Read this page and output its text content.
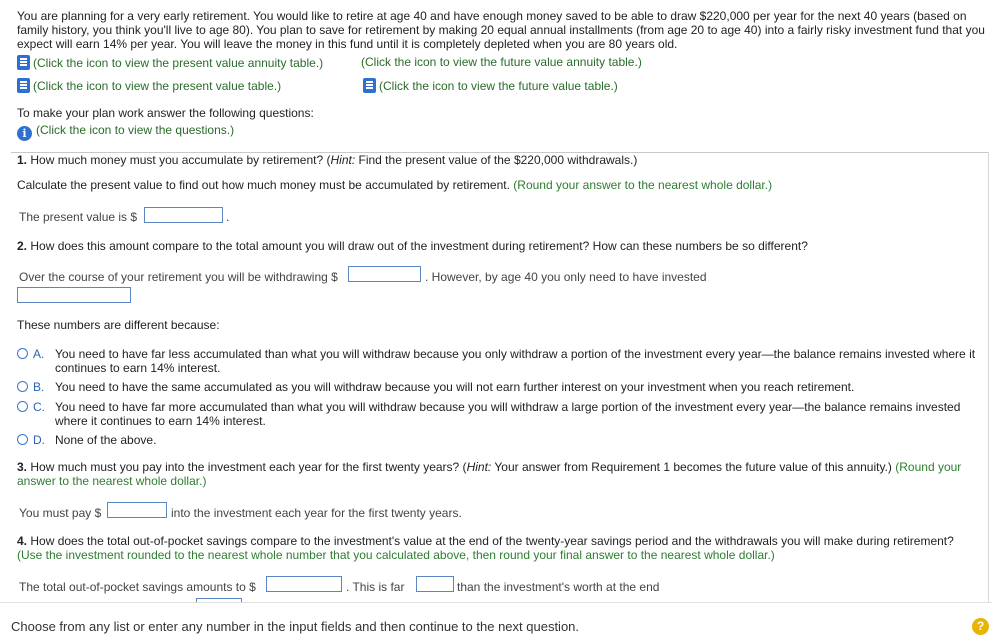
You are planning for a very early retirement. You would like to retire at age 40 and have enough money saved to be able to draw $220,000 per year for the next 40 years (based on family history, you think you'll live to age 80). You plan to save for retirement by making 20 equal annual installments (from age 20 to age 40) into a fairly risky investment fund that you expect will earn 14% per year. You will leave the money in this fund until it is completely depleted when you are 80 years old.
(Click the icon to view the present value annuity table.)	(Click the icon to view the future value annuity table.)
(Click the icon to view the present value table.)	(Click the icon to view the future value table.)
To make your plan work answer the following questions:
i (Click the icon to view the questions.)
1. How much money must you accumulate by retirement? (Hint: Find the present value of the $220,000 withdrawals.)
Calculate the present value to find out how much money must be accumulated by retirement. (Round your answer to the nearest whole dollar.)
The present value is $	.
2. How does this amount compare to the total amount you will draw out of the investment during retirement? How can these numbers be so different?
Over the course of your retirement you will be withdrawing $	. However, by age 40 you only need to have invested
These numbers are different because:
A. You need to have far less accumulated than what you will withdraw because you only withdraw a portion of the investment every year—the balance remains invested where it continues to earn 14% interest.
B. You need to have the same accumulated as you will withdraw because you will not earn further interest on your investment when you reach retirement.
C. You need to have far more accumulated than what you will withdraw because you will withdraw a large portion of the investment every year—the balance remains invested where it continues to earn 14% interest.
D. None of the above.
3. How much must you pay into the investment each year for the first twenty years? (Hint: Your answer from Requirement 1 becomes the future value of this annuity.) (Round your answer to the nearest whole dollar.)
You must pay $	into the investment each year for the first twenty years.
4. How does the total out-of-pocket savings compare to the investment's value at the end of the twenty-year savings period and the withdrawals you will make during retirement? (Use the investment rounded to the nearest whole number that you calculated above, then round your final answer to the nearest whole dollar.)
The total out-of-pocket savings amounts to $	. This is far	than the investment's worth at the end
Choose from any list or enter any number in the input fields and then continue to the next question.	?
